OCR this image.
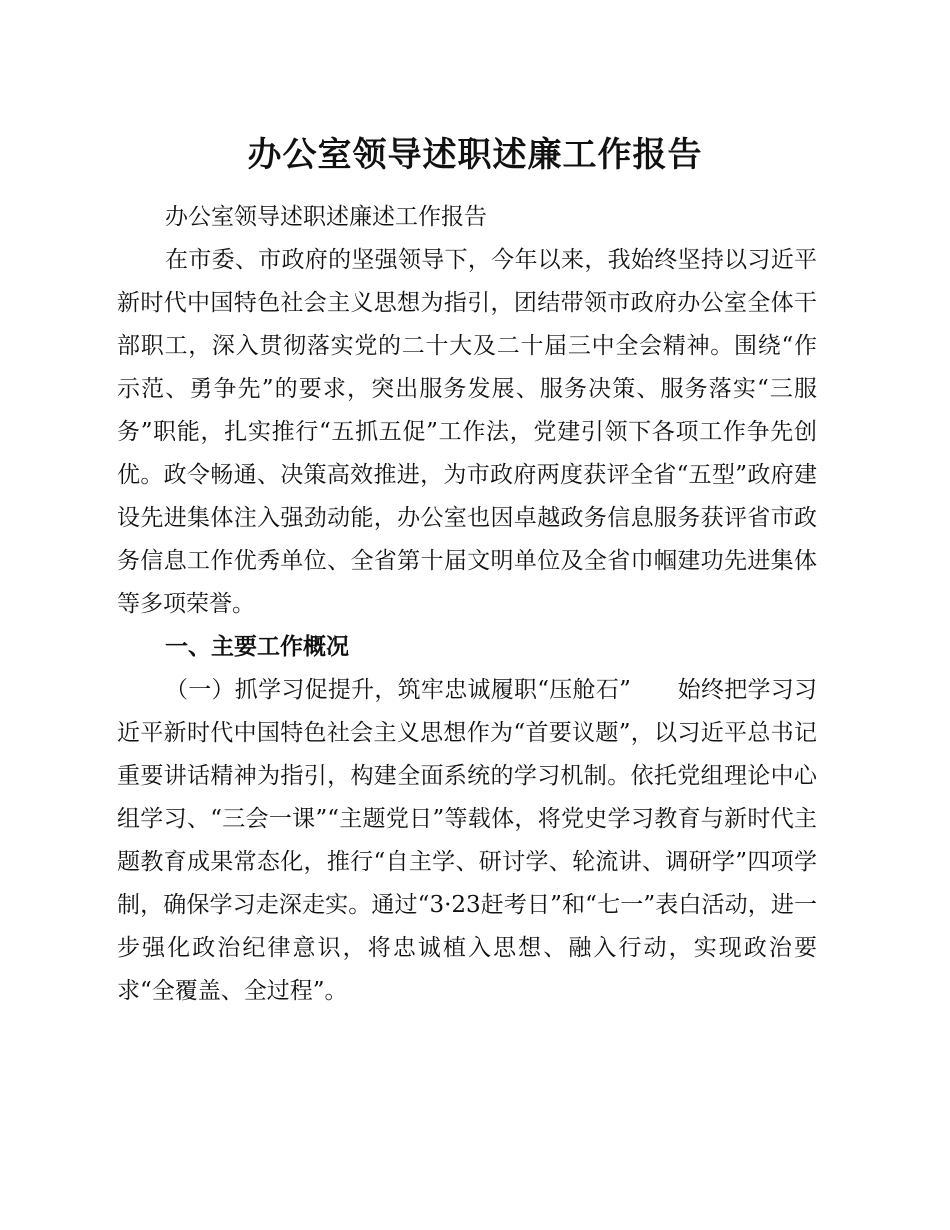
办公室领导述职述廉工作报告

办公室领导述职述廉述工作报告

在市委、市政府的坚强领导下，今年以来，我始终坚持以习近平新时代中国特色社会主义思想为指引，团结带领市政府办公室全体干部职工，深入贯彻落实党的二十大及二十届三中全会精神。围绕“作示范、勇争先”的要求，突出服务发展、服务决策、服务落实“三服务”职能，扎实推行“五抓五促”工作法，党建引领下各项工作争先创优。政令畅通、决策高效推进，为市政府两度获评全省“五型”政府建设先进集体注入强劲动能，办公室也因卓越政务信息服务获评省市政务信息工作优秀单位、全省第十届文明单位及全省巾帼建功先进集体等多项荣誉。

一、主要工作概况

（一）抓学习促提升，筑牢忠诚履职“压舱石”　　 始终把学习习近平新时代中国特色社会主义思想作为“首要议题”，以习近平总书记重要讲话精神为指引，构建全面系统的学习机制。依托党组理论中心组学习、“三会一课”“主题党日”等载体，将党史学习教育与新时代主题教育成果常态化，推行“自主学、研讨学、轮流讲、调研学”四项学制，确保学习走深走实。通过“3·23赶考日”和“七一”表白活动，进一步强化政治纪律意识，将忠诚植入思想、融入行动，实现政治要求“全覆盖、全过程”。
